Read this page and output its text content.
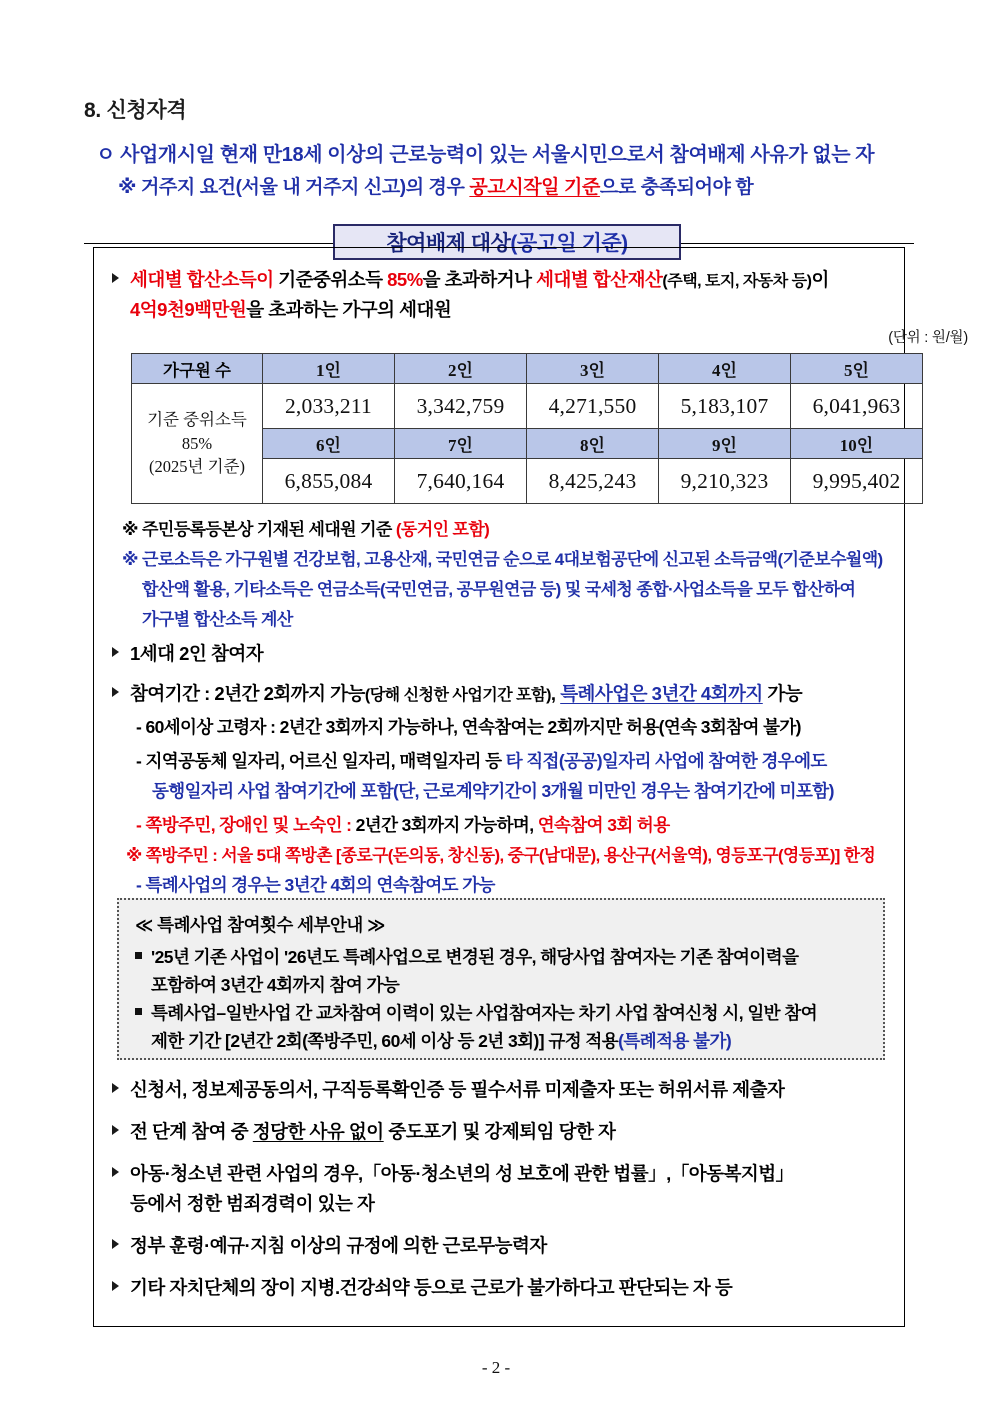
8. 신청자격
ㅇ 사업개시일 현재 만18세 이상의 근로능력이 있는 서울시민으로서 참여배제 사유가 없는 자
※ 거주지 요건(서울 내 거주지 신고)의 경우 공고시작일 기준으로 충족되어야 함
참여배제 대상 (공고일 기준)
세대별 합산소득이 기준중위소득 85%을 초과하거나 세대별 합산재산(주택, 토지, 자동차 등)이
4억9천9백만원을 초과하는 가구의 세대원
(단위 : 원/월)
가구원 수	1인	2인	3인	4인	5인

기준 중위소득
85%
(2025년 기준)	2,033,211	3,342,759	4,271,550	5,183,107	6,041,963
	6인	7인	8인	9인	10인
	6,855,084	7,640,164	8,425,243	9,210,323	9,995,402
※ 주민등록등본상 기재된 세대원 기준 (동거인 포함)
※ 근로소득은 가구원별 건강보험, 고용산재, 국민연금 순으로 4대보험공단에 신고된 소득금액(기준보수월액)
합산액 활용, 기타소득은 연금소득(국민연금, 공무원연금 등) 및 국세청 종합·사업소득을 모두 합산하여
가구별 합산소득 계산
1세대 2인 참여자
참여기간 : 2년간 2회까지 가능(당해 신청한 사업기간 포함), 특례사업은 3년간 4회까지 가능
- 60세이상 고령자 : 2년간 3회까지 가능하나, 연속참여는 2회까지만 허용(연속 3회참여 불가)
- 지역공동체 일자리, 어르신 일자리, 매력일자리 등 타 직접(공공)일자리 사업에 참여한 경우에도
동행일자리 사업 참여기간에 포함(단, 근로계약기간이 3개월 미만인 경우는 참여기간에 미포함)
- 쪽방주민, 장애인 및 노숙인 : 2년간 3회까지 가능하며, 연속참여 3회 허용
※ 쪽방주민 : 서울 5대 쪽방촌 [종로구(돈의동, 창신동), 중구(남대문), 용산구(서울역), 영등포구(영등포)] 한정
- 특례사업의 경우는 3년간 4회의 연속참여도 가능
≪ 특례사업 참여횟수 세부안내 ≫
'25년 기존 사업이 '26년도 특례사업으로 변경된 경우, 해당사업 참여자는 기존 참여이력을
포함하여 3년간 4회까지 참여 가능
특례사업–일반사업 간 교차참여 이력이 있는 사업참여자는 차기 사업 참여신청 시, 일반 참여
제한 기간 [2년간 2회(쪽방주민, 60세 이상 등 2년 3회)] 규정 적용(특례적용 불가)
신청서, 정보제공동의서, 구직등록확인증 등 필수서류 미제출자 또는 허위서류 제출자
전 단계 참여 중 정당한 사유 없이 중도포기 및 강제퇴임 당한 자
아동·청소년 관련 사업의 경우,「아동·청소년의 성 보호에 관한 법률」,「아동복지법」
등에서 정한 범죄경력이 있는 자
정부 훈령·예규·지침 이상의 규정에 의한 근로무능력자
기타 자치단체의 장이 지병.건강쇠약 등으로 근로가 불가하다고 판단되는 자 등
- 2 -
